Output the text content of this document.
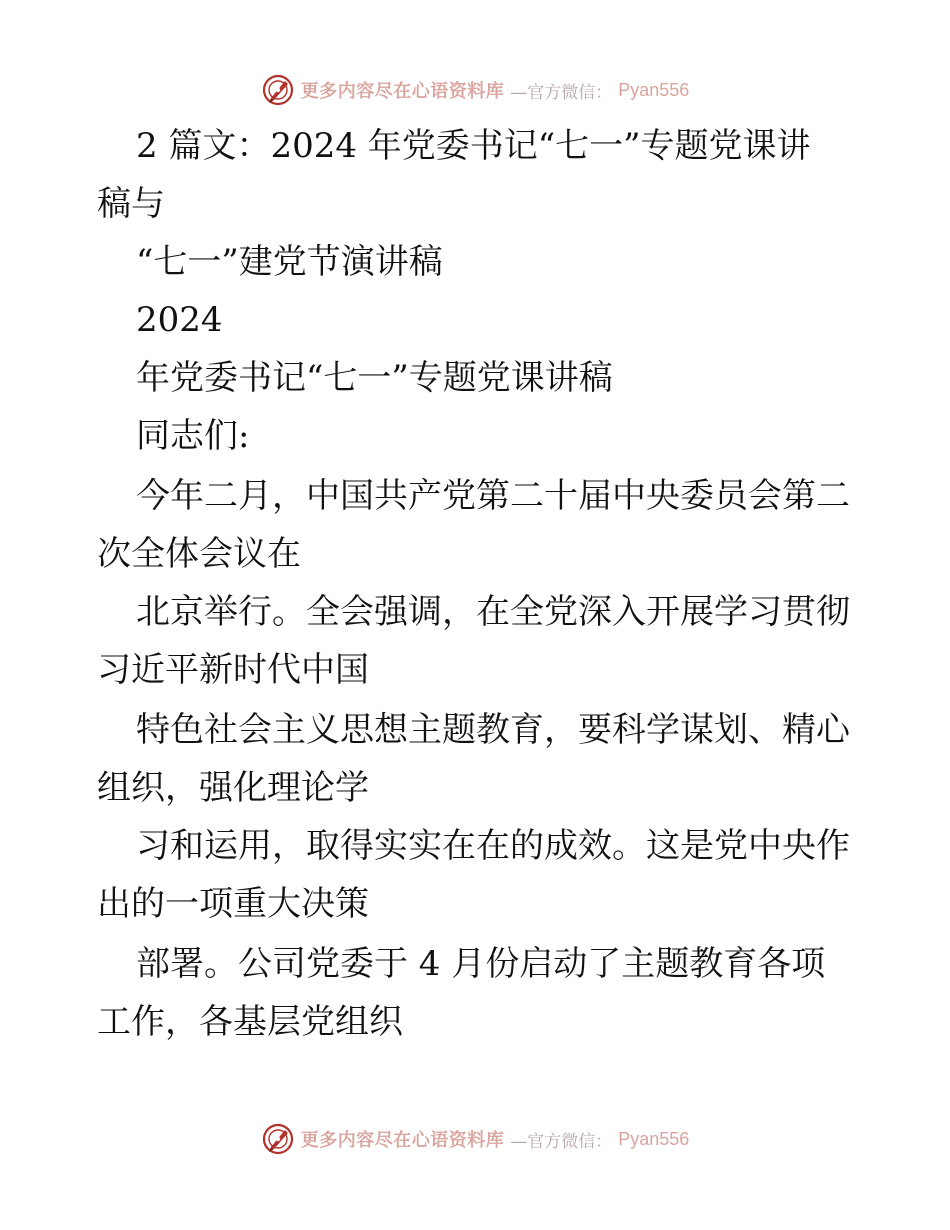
更多内容尽在心语资料库 —官方微信： Pyan556
2 篇文：2024 年党委书记“七一”专题党课讲
稿与
“七一”建党节演讲稿
2024
年党委书记“七一”专题党课讲稿
同志们:
今年二月，中国共产党第二十届中央委员会第二
次全体会议在
北京举行。全会强调，在全党深入开展学习贯彻
习近平新时代中国
特色社会主义思想主题教育，要科学谋划、精心
组织，强化理论学
习和运用，取得实实在在的成效。这是党中央作
出的一项重大决策
部署。公司党委于 4 月份启动了主题教育各项
工作，各基层党组织
更多内容尽在心语资料库 —官方微信： Pyan556
